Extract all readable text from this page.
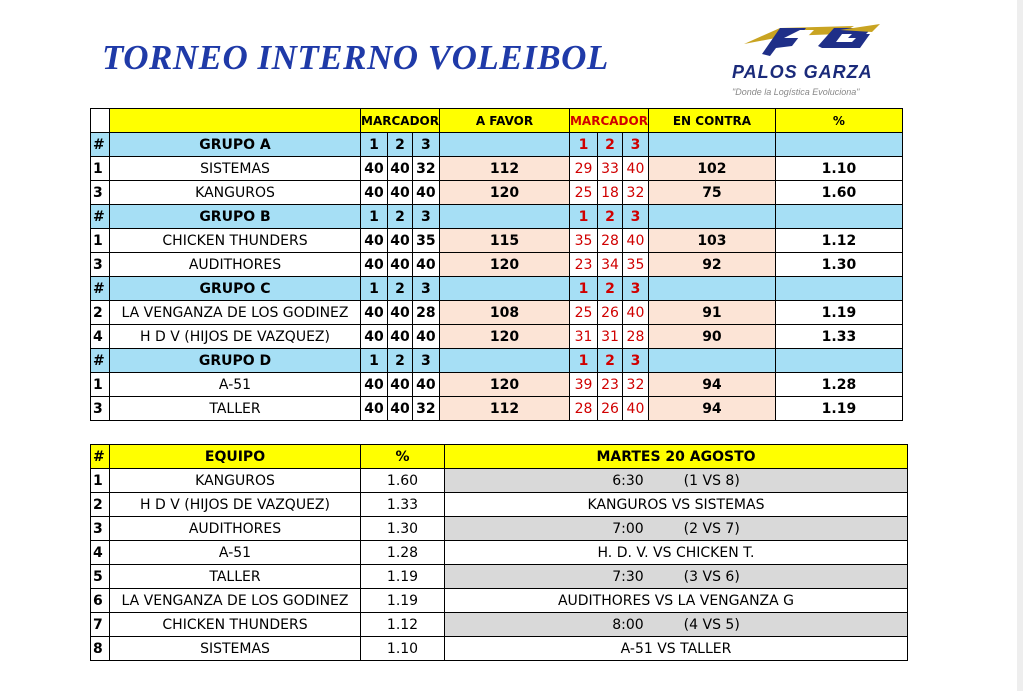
TORNEO INTERNO VOLEIBOL	PALOS GARZA
"Donde la Logística Evoluciona"
		MARCADOR			A FAVOR	MARCADOR			EN CONTRA	%
#	GRUPO A	1	2	3		1	2	3		
1	SISTEMAS	40	40	32	112	29	33	40	102	1.10
3	KANGUROS	40	40	40	120	25	18	32	75	1.60
#	GRUPO B	1	2	3		1	2	3		
1	CHICKEN THUNDERS	40	40	35	115	35	28	40	103	1.12
3	AUDITHORES	40	40	40	120	23	34	35	92	1.30
#	GRUPO C	1	2	3		1	2	3		
2	LA VENGANZA DE LOS GODINEZ	40	40	28	108	25	26	40	91	1.19
4	H D V (HIJOS DE VAZQUEZ)	40	40	40	120	31	31	28	90	1.33
#	GRUPO D	1	2	3		1	2	3		
1	A-51	40	40	40	120	39	23	32	94	1.28
3	TALLER	40	40	32	112	28	26	40	94	1.19
#	EQUIPO	%	MARTES 20 AGOSTO
1	KANGUROS	1.60	6:30 (1 VS 8)
2	H D V (HIJOS DE VAZQUEZ)	1.33	KANGUROS VS SISTEMAS
3	AUDITHORES	1.30	7:00 (2 VS 7)
4	A-51	1.28	H. D. V. VS CHICKEN T.
5	TALLER	1.19	7:30 (3 VS 6)
6	LA VENGANZA DE LOS GODINEZ	1.19	AUDITHORES VS LA VENGANZA G
7	CHICKEN THUNDERS	1.12	8:00 (4 VS 5)
8	SISTEMAS	1.10	A-51 VS TALLER
